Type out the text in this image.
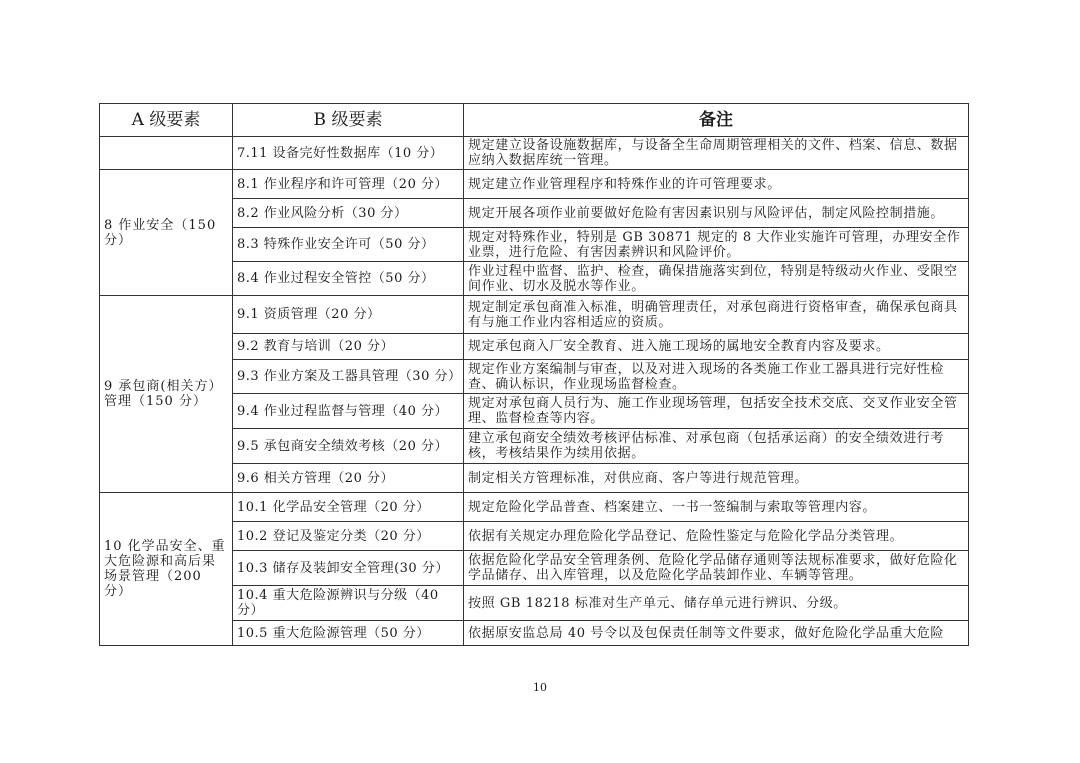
A 级要素	B 级要素	备注
	7.11 设备完好性数据库（10 分）	规定建立设备设施数据库，与设备全生命周期管理相关的文件、档案、信息、数据应纳入数据库统一管理。
8 作业安全（150 分）	8.1 作业程序和许可管理（20 分）	规定建立作业管理程序和特殊作业的许可管理要求。
	8.2 作业风险分析（30 分）	规定开展各项作业前要做好危险有害因素识别与风险评估，制定风险控制措施。
	8.3 特殊作业安全许可（50 分）	规定对特殊作业，特别是 GB 30871 规定的 8 大作业实施许可管理，办理安全作业票，进行危险、有害因素辨识和风险评价。
	8.4 作业过程安全管控（50 分）	作业过程中监督、监护、检查，确保措施落实到位，特别是特级动火作业、受限空间作业、切水及脱水等作业。
9 承包商(相关方）管理（150 分）	9.1 资质管理（20 分）	规定制定承包商准入标准，明确管理责任，对承包商进行资格审查，确保承包商具有与施工作业内容相适应的资质。
	9.2 教育与培训（20 分）	规定承包商入厂安全教育、进入施工现场的属地安全教育内容及要求。
	9.3 作业方案及工器具管理（30 分）	规定作业方案编制与审查，以及对进入现场的各类施工作业工器具进行完好性检查、确认标识，作业现场监督检查。
	9.4 作业过程监督与管理（40 分）	规定对承包商人员行为、施工作业现场管理，包括安全技术交底、交叉作业安全管理、监督检查等内容。
	9.5 承包商安全绩效考核（20 分）	建立承包商安全绩效考核评估标准、对承包商（包括承运商）的安全绩效进行考核，考核结果作为续用依据。
	9.6 相关方管理（20 分）	制定相关方管理标准，对供应商、客户等进行规范管理。
10 化学品安全、重大危险源和高后果场景管理（200 分）	10.1 化学品安全管理（20 分）	规定危险化学品普查、档案建立、一书一签编制与索取等管理内容。
	10.2 登记及鉴定分类（20 分）	依据有关规定办理危险化学品登记、危险性鉴定与危险化学品分类管理。
	10.3 储存及装卸安全管理(30 分）	依据危险化学品安全管理条例、危险化学品储存通则等法规标准要求，做好危险化学品储存、出入库管理，以及危险化学品装卸作业、车辆等管理。
	10.4 重大危险源辨识与分级（40 分）	按照 GB 18218 标准对生产单元、储存单元进行辨识、分级。
	10.5 重大危险源管理（50 分）	依据原安监总局 40 号令以及包保责任制等文件要求，做好危险化学品重大危险
10
